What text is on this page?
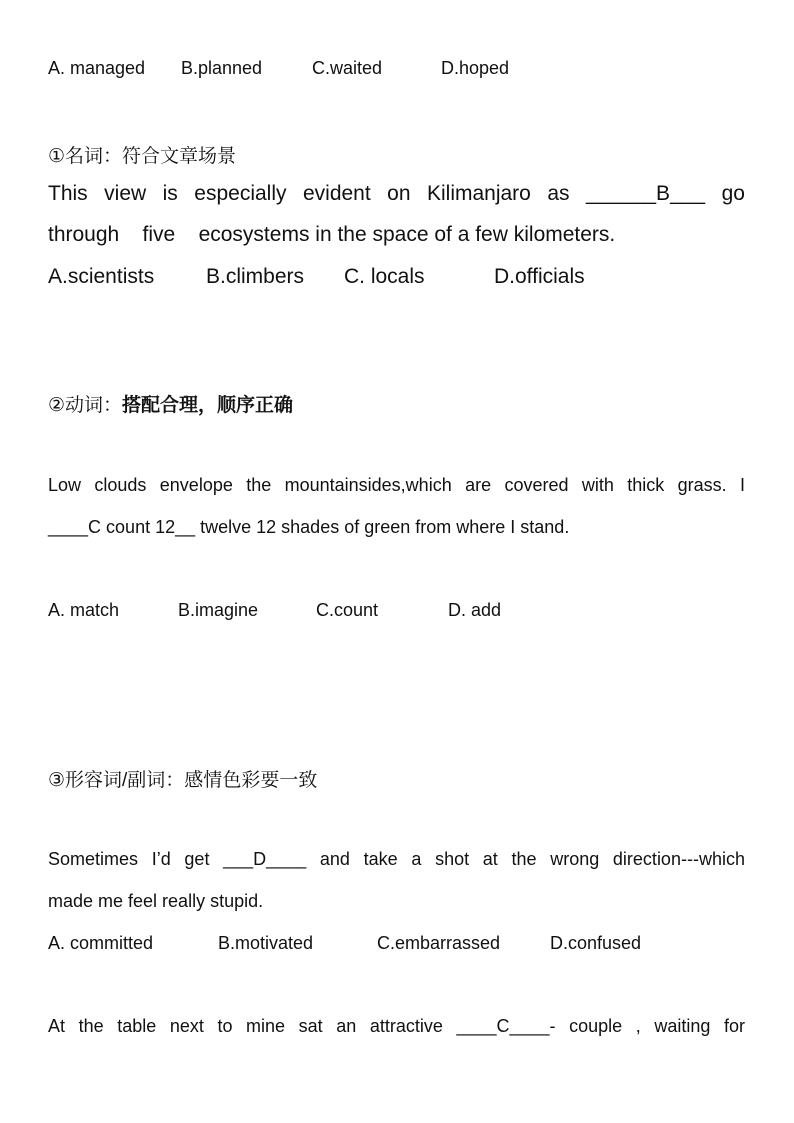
A. managed B.planned	C.waited	D.hoped
①名词：符合文章场景
This view is especially evident on Kilimanjaro as ______B___ go
through    five    ecosystems in the space of a few kilometers.
A.scientists B.climbers C. locals	D.officials
②动词：搭配合理，顺序正确
Low clouds envelope the mountainsides,which are covered with thick grass. I
____C count 12__ twelve 12 shades of green from where I stand.
A. match	B.imagine	C.count	D. add
③形容词/副词：感情色彩要一致
Sometimes I’d get ___D____ and take a shot at the wrong direction---which
made me feel really stupid.
A. committed	B.motivated	C.embarrassed	D.confused
At the table next to mine sat an attractive ____C____- couple , waiting for
